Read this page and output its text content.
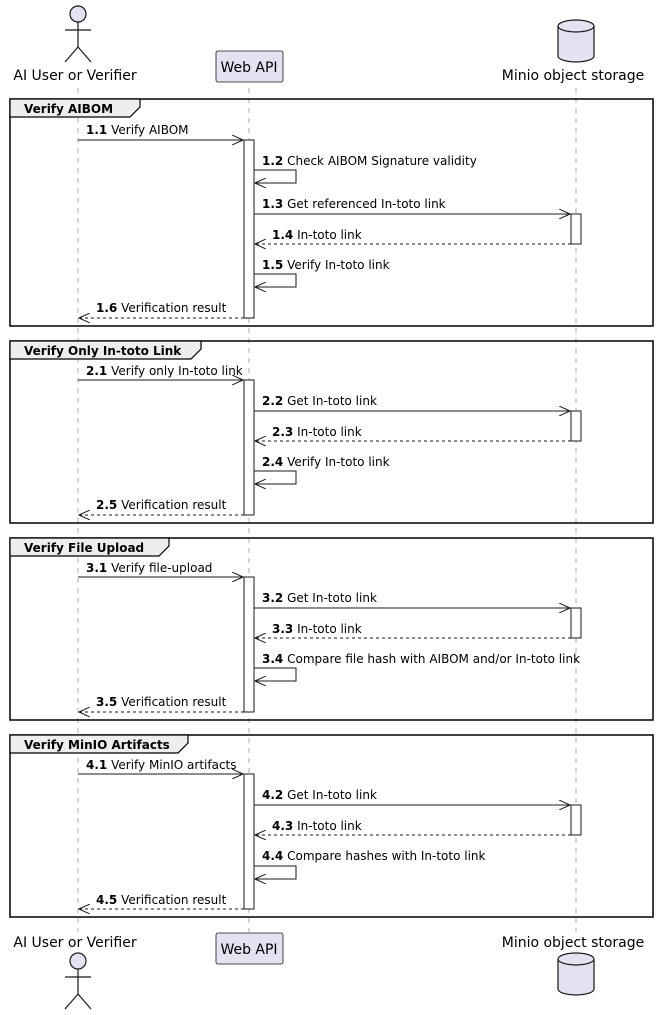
AI User or Verifier	Web API	Minio object storage
Verify AIBOM
1.1 Verify AIBOM
1.2 Check AIBOM Signature validity
1.3 Get referenced In-toto link
1.4 In-toto link
1.5 Verify In-toto link
1.6 Verification result
Verify Only In-toto Link
2.1 Verify only In-toto link
2.2 Get In-toto link
2.3 In-toto link
2.4 Verify In-toto link
2.5 Verification result
Verify File Upload
3.1 Verify file-upload
3.2 Get In-toto link
3.3 In-toto link
3.4 Compare file hash with AIBOM and/or In-toto link
3.5 Verification result
Verify MinIO Artifacts
4.1 Verify MinIO artifacts
4.2 Get In-toto link
4.3 In-toto link
4.4 Compare hashes with In-toto link
4.5 Verification result
AI User or Verifier	Web API	Minio object storage
